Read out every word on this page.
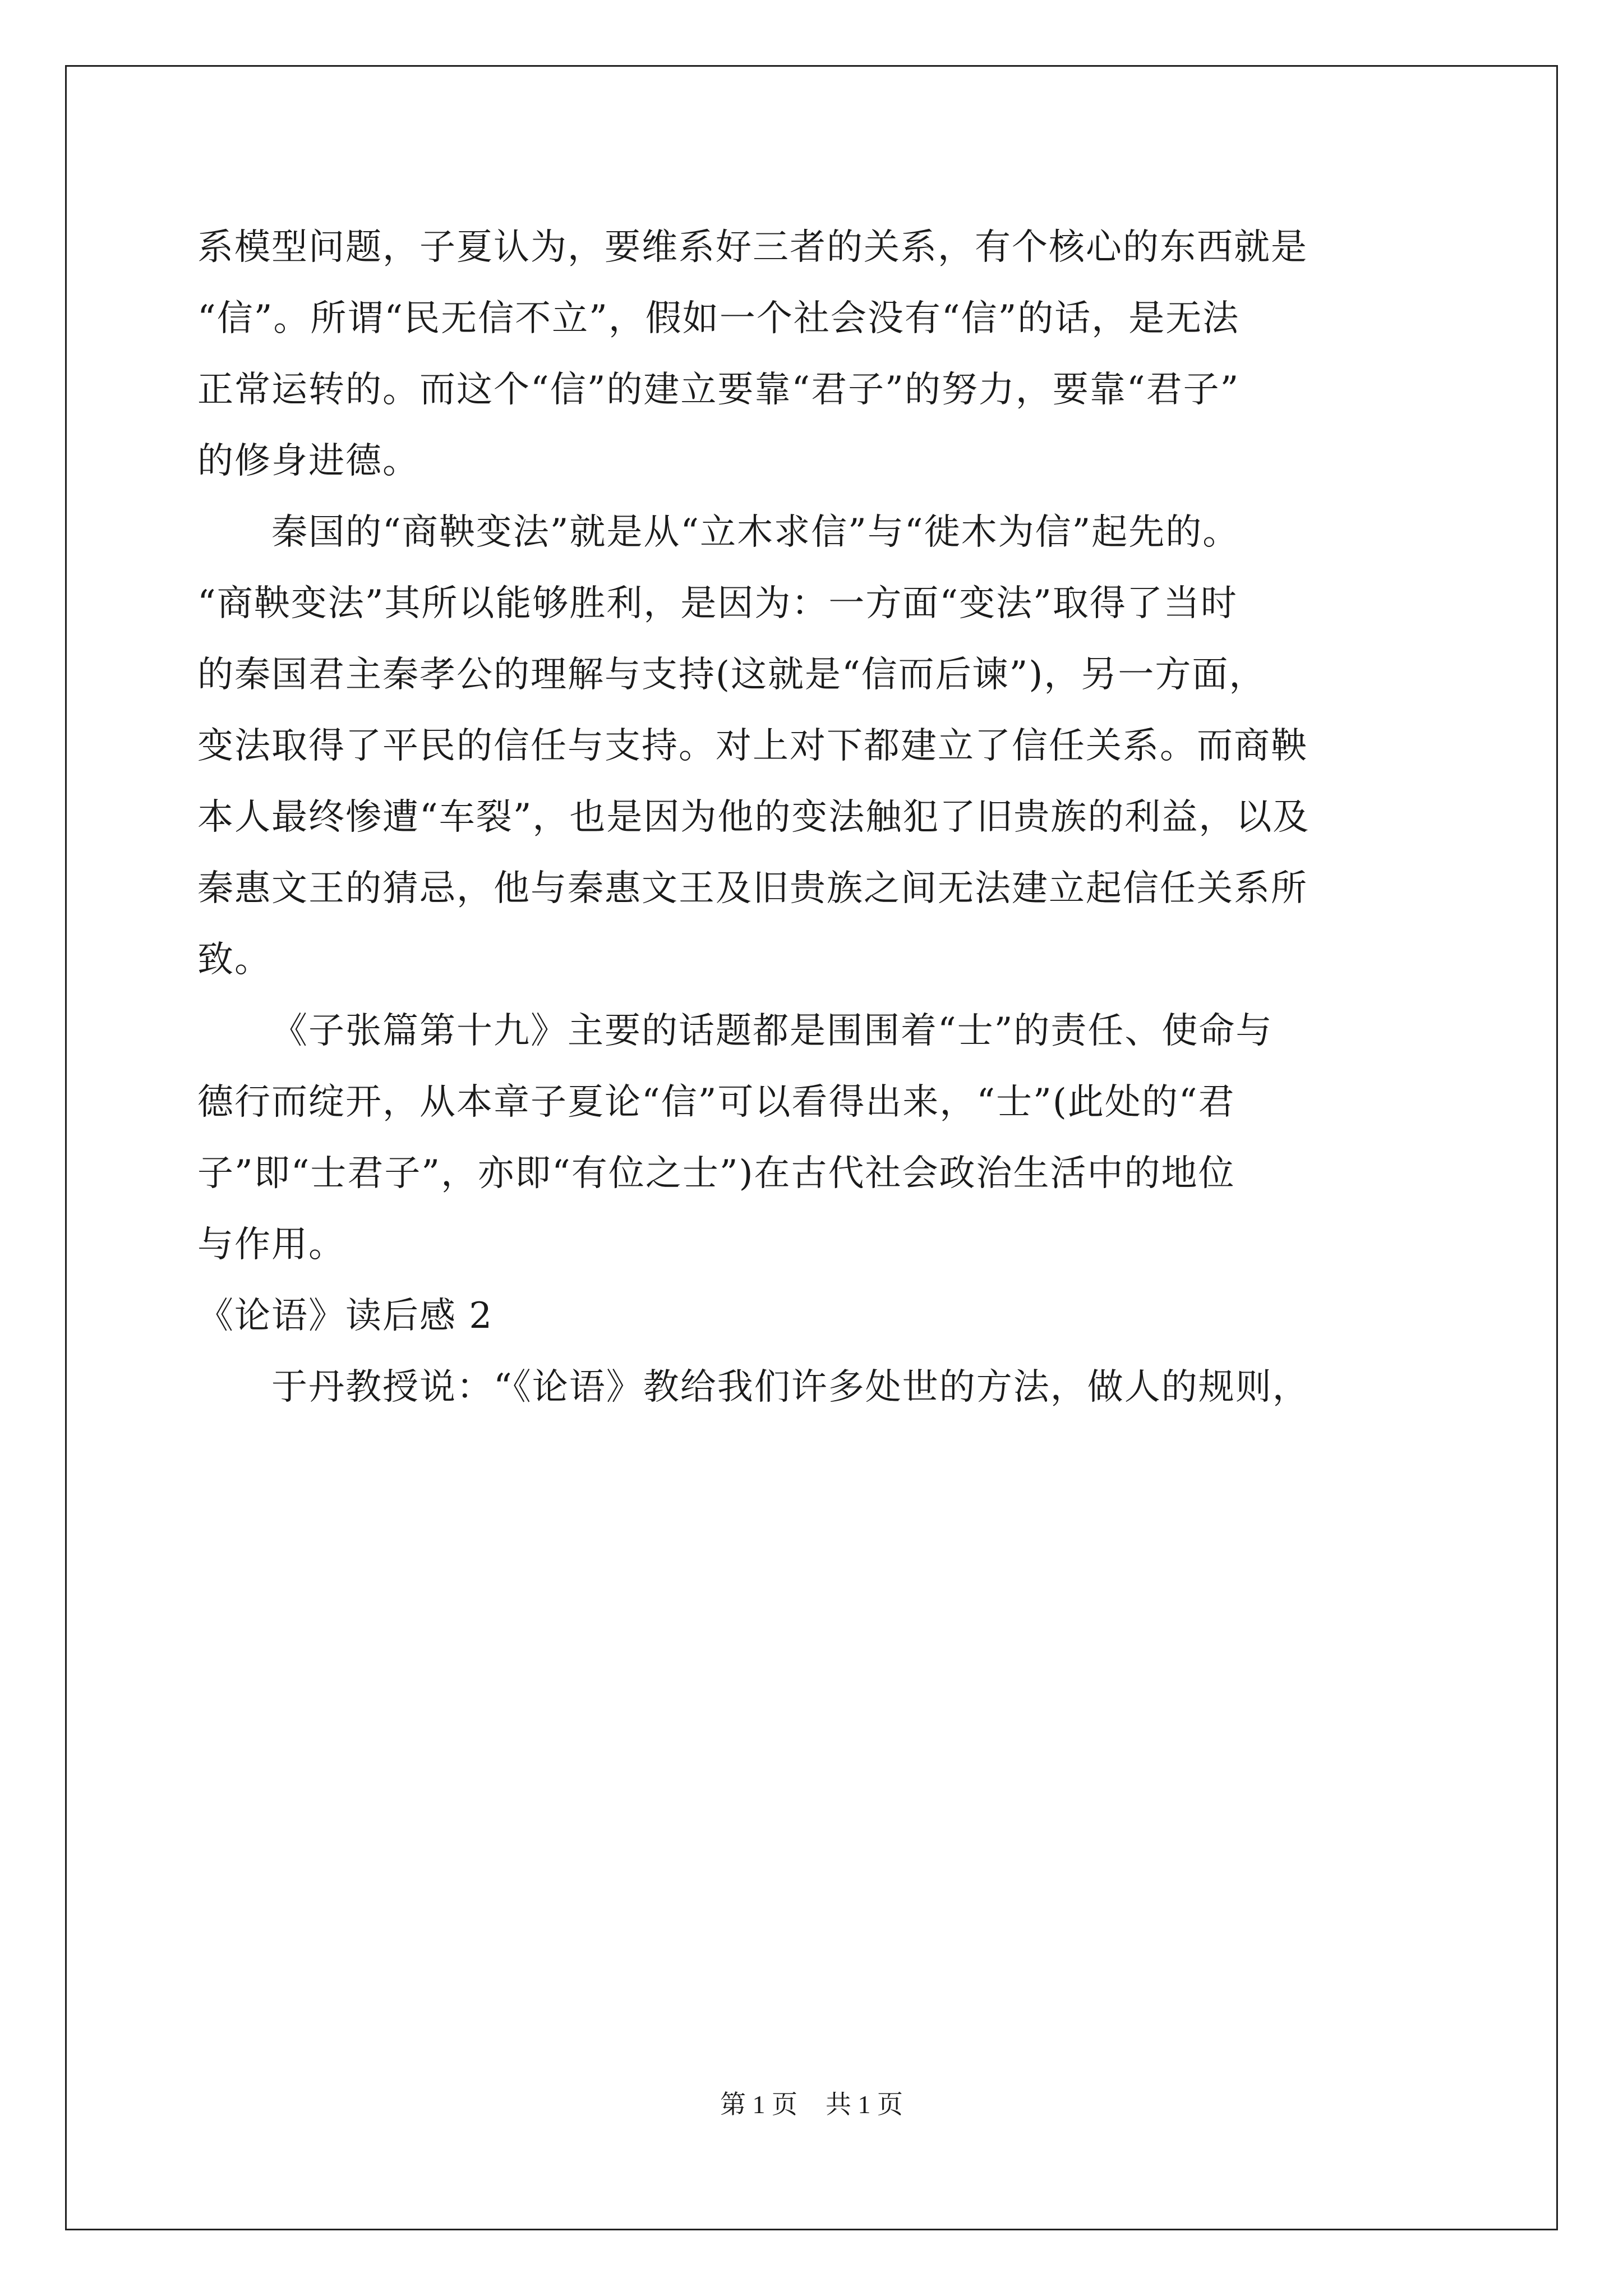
系模型问题，子夏认为，要维系好三者的关系，有个核心的东西就是
“信”。所谓“民无信不立”，假如一个社会没有“信”的话，是无法
正常运转的。而这个“信”的建立要靠“君子”的努力，要靠“君子”
的修身进德。
秦国的“商鞅变法”就是从“立木求信”与“徙木为信”起先的。
“商鞅变法”其所以能够胜利，是因为：一方面“变法”取得了当时
的秦国君主秦孝公的理解与支持(这就是“信而后谏”)，另一方面，
变法取得了平民的信任与支持。对上对下都建立了信任关系。而商鞅
本人最终惨遭“车裂”，也是因为他的变法触犯了旧贵族的利益，以及
秦惠文王的猜忌，他与秦惠文王及旧贵族之间无法建立起信任关系所
致。
《子张篇第十九》主要的话题都是围围着“士”的责任、使命与
德行而绽开，从本章子夏论“信”可以看得出来，“士”(此处的“君
子”即“士君子”，亦即“有位之士”)在古代社会政治生活中的地位
与作用。
《论语》读后感 2
于丹教授说：“《论语》教给我们许多处世的方法，做人的规则，
第 1 页 共 1 页
